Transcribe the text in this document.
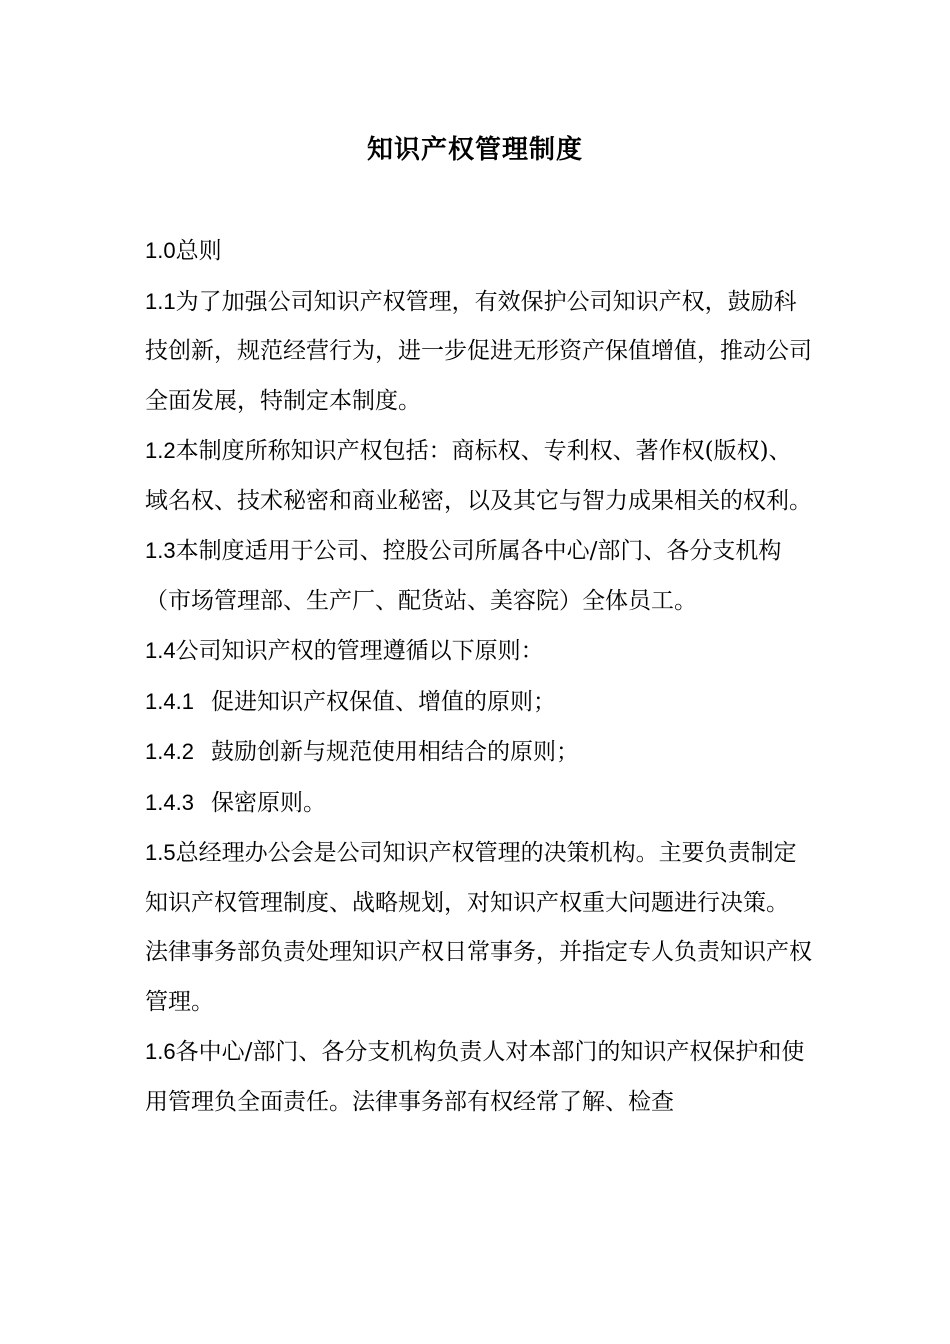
知识产权管理制度

1.0总则

1.1为了加强公司知识产权管理，有效保护公司知识产权，鼓励科技创新，规范经营行为，进一步促进无形资产保值增值，推动公司全面发展，特制定本制度。

1.2本制度所称知识产权包括：商标权、专利权、著作权(版权)、域名权、技术秘密和商业秘密，以及其它与智力成果相关的权利。

1.3本制度适用于公司、控股公司所属各中心/部门、各分支机构（市场管理部、生产厂、配货站、美容院）全体员工。

1.4公司知识产权的管理遵循以下原则：

1.4.1 促进知识产权保值、增值的原则；

1.4.2 鼓励创新与规范使用相结合的原则；

1.4.3 保密原则。

1.5总经理办公会是公司知识产权管理的决策机构。主要负责制定知识产权管理制度、战略规划，对知识产权重大问题进行决策。

法律事务部负责处理知识产权日常事务，并指定专人负责知识产权管理。

1.6各中心/部门、各分支机构负责人对本部门的知识产权保护和使用管理负全面责任。法律事务部有权经常了解、检查
